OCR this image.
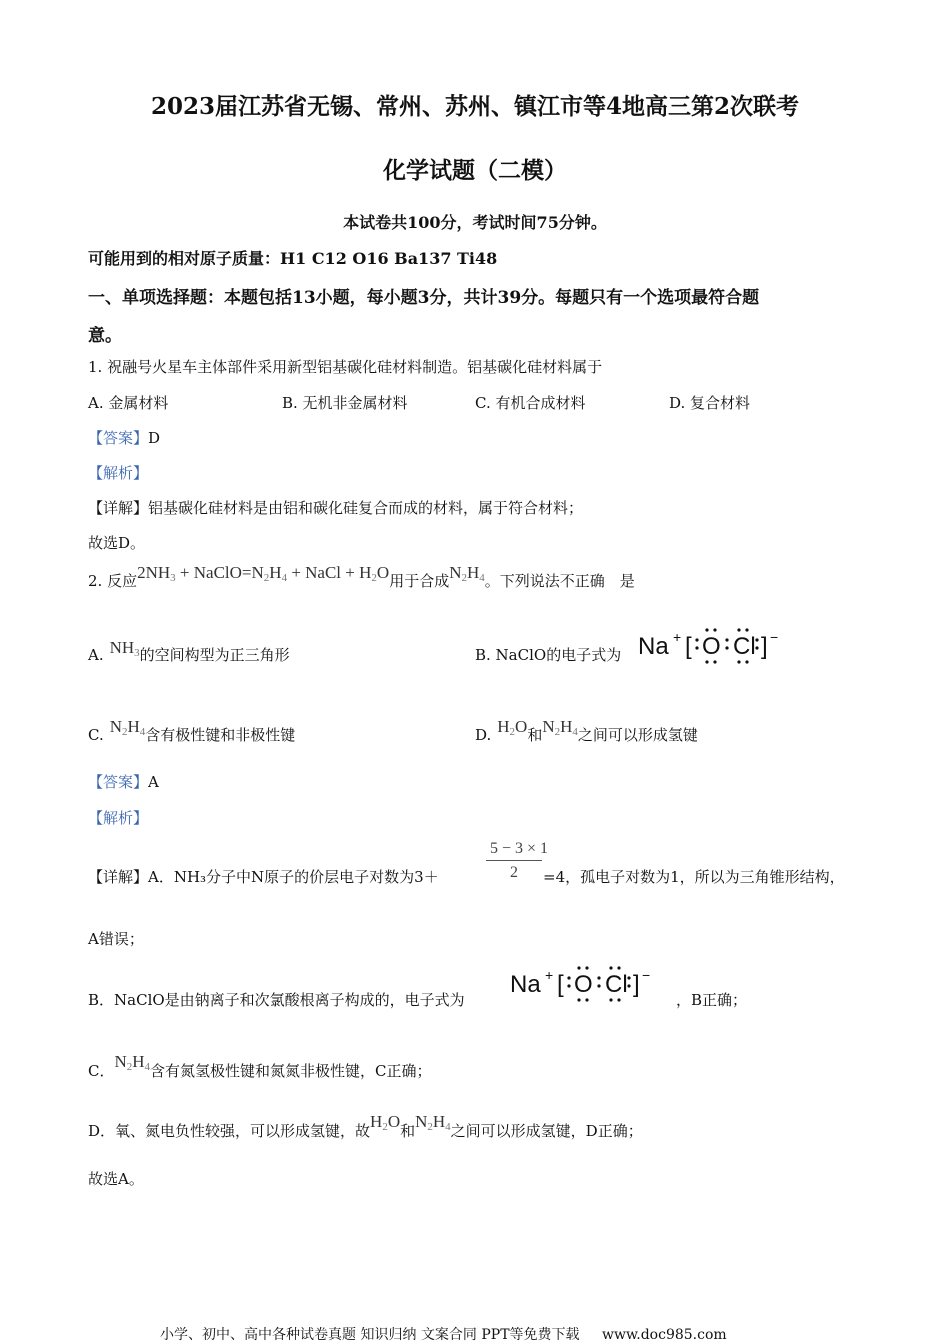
2023届江苏省无锡、常州、苏州、镇江市等4地高三第2次联考
化学试题（二模）
本试卷共100分，考试时间75分钟。
可能用到的相对原子质量：H1 C12 O16 Ba137 Ti48
一、单项选择题：本题包括13小题，每小题3分，共计39分。每题只有一个选项最符合题
意。
1. 祝融号火星车主体部件采用新型铝基碳化硅材料制造。铝基碳化硅材料属于
A. 金属材料	B. 无机非金属材料	C. 有机合成材料	D. 复合材料
【答案】D
【解析】
【详解】铝基碳化硅材料是由铝和碳化硅复合而成的材料，属于符合材料；
故选D。
2. 反应$2NH_3$ + $NaClO=N_2H_4$ + NaCl + $H_2O$用于合成$N_2H_4$。下列说法不正确　是
A. $NH_3$的空间构型为正三角形	B. NaClO的电子式为 Na + [ O Cl ] −
C. $N_2H_4$含有极性键和非极性键	D. $H_2O$和$N_2H_4$之间可以形成氢键
【答案】A
【解析】
【详解】A．NH₃分子中N原子的价层电子对数为3＋	$\frac{5 - 3 \times 1}{2} =4$，孤电子对数为1，所以为三角锥形结构，
A错误；
B．NaClO是由钠离子和次氯酸根离子构成的，电子式为
Na + [ O Cl ] −
，B正确；
C．$N_2H_4$含有氮氢极性键和氮氮非极性键，C正确；
D．氧、氮电负性较强，可以形成氢键，故$H_2O$和$N_2H_4$之间可以形成氢键，D正确；
故选A。
小学、初中、高中各种试卷真题 知识归纳 文案合同 PPT等免费下载 www.doc985.com
